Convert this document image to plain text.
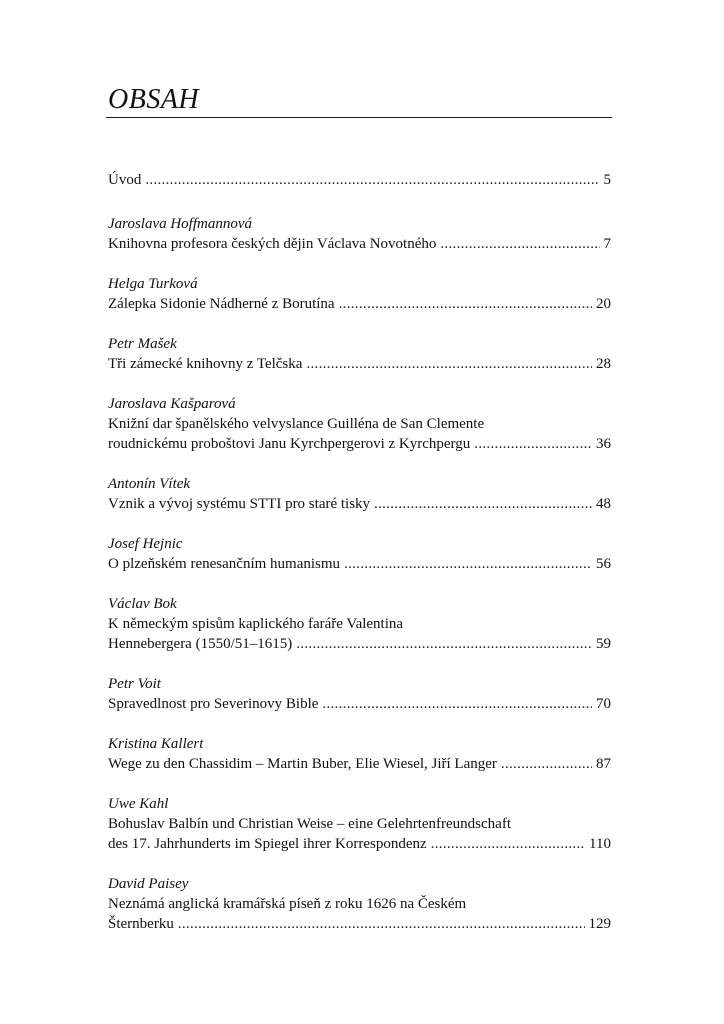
OBSAH
Úvod .....	5
Jaroslava Hoffmannová
Knihovna profesora českých dějin Václava Novotného .....	7
Helga Turková
Zálepka Sidonie Nádherné z Borutína .....	20
Petr Mašek
Tři zámecké knihovny z Telčska .....	28
Jaroslava Kašparová
Knižní dar španělského velvyslance Guilléna de San Clemente
roudnickému proboštovi Janu Kyrchpergerovi z Kyrchpergu .....	36
Antonín Vítek
Vznik a vývoj systému STTI pro staré tisky .....	48
Josef Hejnic
O plzeňském renesančním humanismu .....	56
Václav Bok
K německým spisům kaplického faráře Valentina
Hennebergera (1550/51–1615) .....	59
Petr Voit
Spravedlnost pro Severinovy Bible .....	70
Kristina Kallert
Wege zu den Chassidim – Martin Buber, Elie Wiesel, Jiří Langer .....	87
Uwe Kahl
Bohuslav Balbín und Christian Weise – eine Gelehrtenfreundschaft
des 17. Jahrhunderts im Spiegel ihrer Korrespondenz .....	110
David Paisey
Neznámá anglická kramářská píseň z roku 1626 na Českém
Šternberku .....	129
